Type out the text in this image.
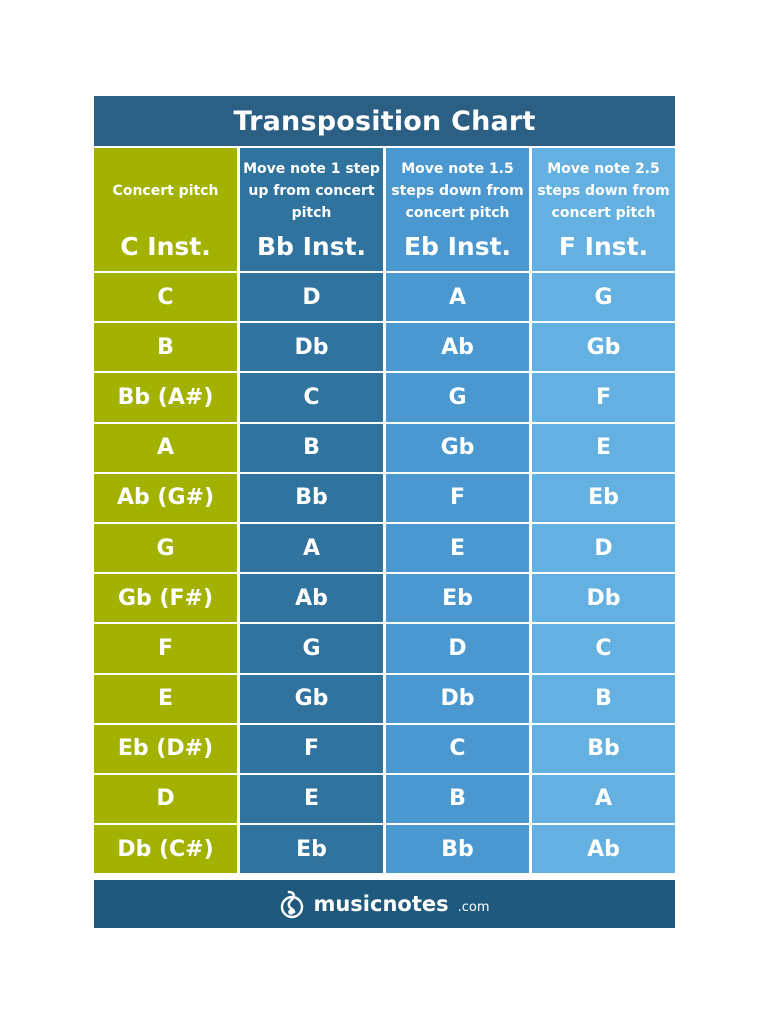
Transposition Chart
Concert pitch
C Inst.
Move note 1 step up from concert pitch
Bb Inst.
Move note 1.5 steps down from concert pitch
Eb Inst.
Move note 2.5 steps down from concert pitch
F Inst.
C	D	A	G
B	Db	Ab	Gb
Bb (A#)	C	G	F
A	B	Gb	E
Ab (G#)	Bb	F	Eb
G	A	E	D
Gb (F#)	Ab	Eb	Db
F	G	D	C
E	Gb	Db	B
Eb (D#)	F	C	Bb
D	E	B	A
Db (C#)	Eb	Bb	Ab
musicnotes .com
